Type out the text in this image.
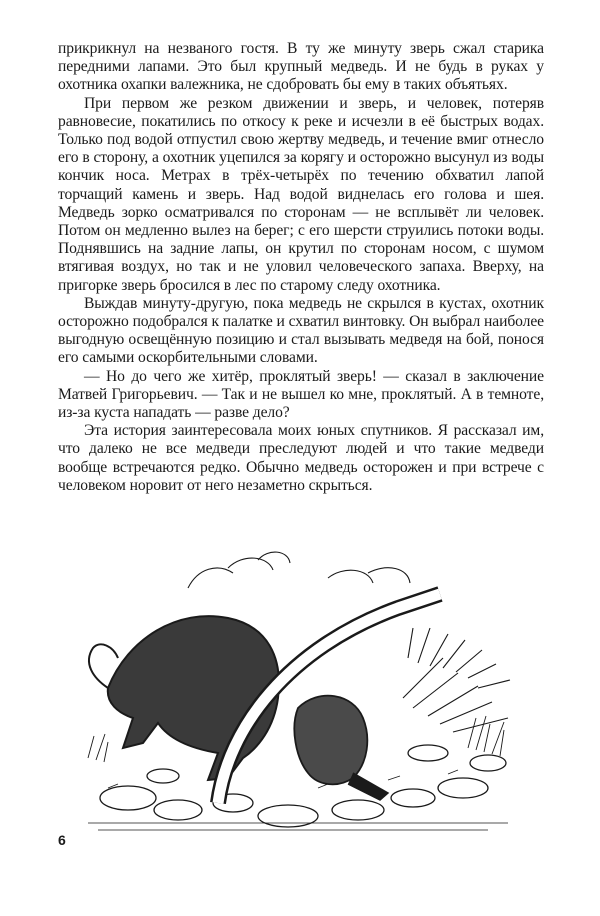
прикрикнул на незваного гостя. В ту же минуту зверь сжал старика передними лапами. Это был крупный медведь. И не будь в руках у охотника охапки валежника, не сдобровать бы ему в таких объятьях.

При первом же резком движении и зверь, и человек, потеряв равновесие, покатились по откосу к реке и исчезли в её быстрых водах. Только под водой отпустил свою жертву медведь, и течение вмиг отнесло его в сторону, а охотник уцепился за корягу и осторожно высунул из воды кончик носа. Метрах в трёх-четырёх по течению обхватил лапой торчащий камень и зверь. Над водой виднелась его голова и шея. Медведь зорко осматривался по сторонам — не всплывёт ли человек. Потом он медленно вылез на берег; с его шерсти струились потоки воды. Поднявшись на задние лапы, он крутил по сторонам носом, с шумом втягивая воздух, но так и не уловил человеческого запаха. Вверху, на пригорке зверь бросился в лес по старому следу охотника.

Выждав минуту-другую, пока медведь не скрылся в кустах, охотник осторожно подобрался к палатке и схватил винтовку. Он выбрал наиболее выгодную освещённую позицию и стал вызывать медведя на бой, понося его самыми оскорбительными словами.

— Но до чего же хитёр, проклятый зверь! — сказал в заключение Матвей Григорьевич. — Так и не вышел ко мне, проклятый. А в темноте, из-за куста нападать — разве дело?

Эта история заинтересовала моих юных спутников. Я рассказал им, что далеко не все медведи преследуют людей и что такие медведи вообще встречаются редко. Обычно медведь осторожен и при встрече с человеком норовит от него незаметно скрыться.

6
